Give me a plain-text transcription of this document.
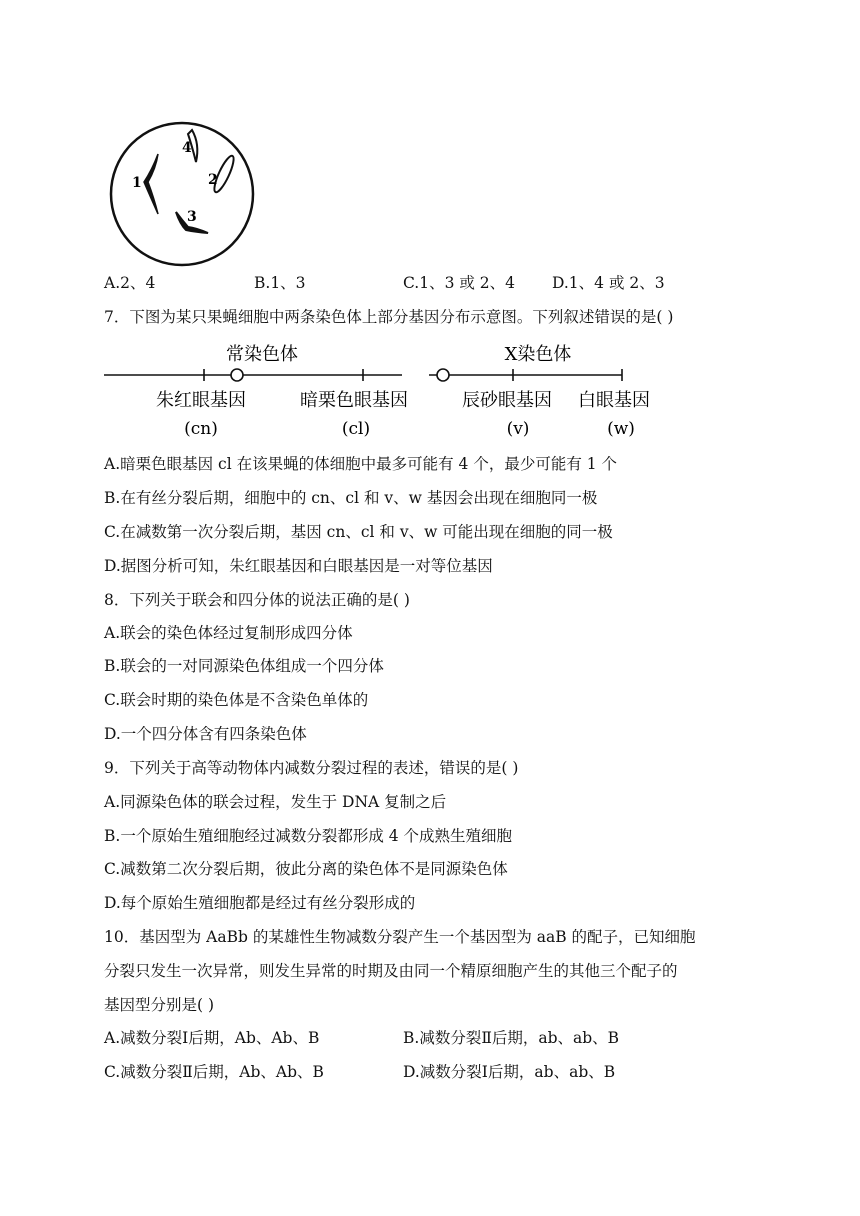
1	2
3
4
A.2、4	B.1、3	C.1、3 或 2、4 D.1、4 或 2、3
7．下图为某只果蝇细胞中两条染色体上部分基因分布示意图。下列叙述错误的是( )
常染色体	X染色体
朱红眼基因
(cn)
暗栗色眼基因
(cl)
辰砂眼基因
(v)
白眼基因
(w)
A.暗栗色眼基因 cl 在该果蝇的体细胞中最多可能有 4 个，最少可能有 1 个
B.在有丝分裂后期，细胞中的 cn、cl 和 v、w 基因会出现在细胞同一极
C.在减数第一次分裂后期，基因 cn、cl 和 v、w 可能出现在细胞的同一极
D.据图分析可知，朱红眼基因和白眼基因是一对等位基因
8．下列关于联会和四分体的说法正确的是( )
A.联会的染色体经过复制形成四分体
B.联会的一对同源染色体组成一个四分体
C.联会时期的染色体是不含染色单体的
D.一个四分体含有四条染色体
9．下列关于高等动物体内减数分裂过程的表述，错误的是( )
A.同源染色体的联会过程，发生于 DNA 复制之后
B.一个原始生殖细胞经过减数分裂都形成 4 个成熟生殖细胞
C.减数第二次分裂后期，彼此分离的染色体不是同源染色体
D.每个原始生殖细胞都是经过有丝分裂形成的
10．基因型为 AaBb 的某雄性生物减数分裂产生一个基因型为 aaB 的配子，已知细胞
分裂只发生一次异常，则发生异常的时期及由同一个精原细胞产生的其他三个配子的
基因型分别是( )
A.减数分裂Ⅰ后期，Ab、Ab、B	B.减数分裂Ⅱ后期，ab、ab、B
C.减数分裂Ⅱ后期，Ab、Ab、B	D.减数分裂Ⅰ后期，ab、ab、B
